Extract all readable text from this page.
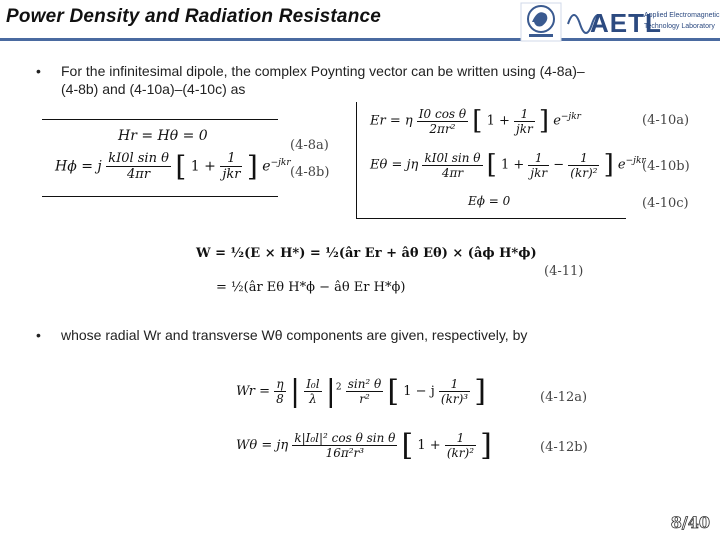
Power Density and Radiation Resistance	AETL
Applied Electromagnetic
Technology Laboratory
• For the infinitesimal dipole, the complex Poynting vector can be written using (4-8a)–
(4-8b) and (4-10a)–(4-10c) as
Hr = Hθ = 0
(4-8a)
Hϕ = j $\frac{\text{kI0l sin θ}}{4\pi r}$ [ $1 + \frac{1}{\text{jkr}}$ ] $e^{-jkr}$
(4-8b)
Er = η $\frac{\text{I0 cos θ}}{\text{2πr²}}$ [ $1 + \frac{1}{\text{jkr}}$ ] $e^{-jkr}$	(4-10a)
Eθ = jη $\frac{\text{kI0l sin θ}}{4\pi r}$ [ $1 + \frac{1}{\text{jkr}} - \frac{1}{\text{(kr)²}}$ ] $e^{-jkr}$
(4-10b)
Eϕ = 0	(4-10c)
W = ½(E × H*) = ½(âr Er + âθ Eθ) × (âϕ H*ϕ)
= ½(âr Eθ H*ϕ − âθ Er H*ϕ)
(4-11)
•	whose radial Wr and transverse Wθ components are given, respectively, by
$Wr = \frac{\eta}{8}$ | $\frac{\text{I₀l}}{\lambda} |^2 \frac{\text{sin² θ}}{\text{r²}}$ [ 1 − j $\frac{1}{\text{(kr)³}}$ ]	(4-12a)
Wθ = jη $\frac{\text{k|I₀l|² cos θ sin θ}}{\text{16π²r³}}$ [ $1 + \frac{1}{\text{(kr)²}}$ ]	(4-12b)
8/40
